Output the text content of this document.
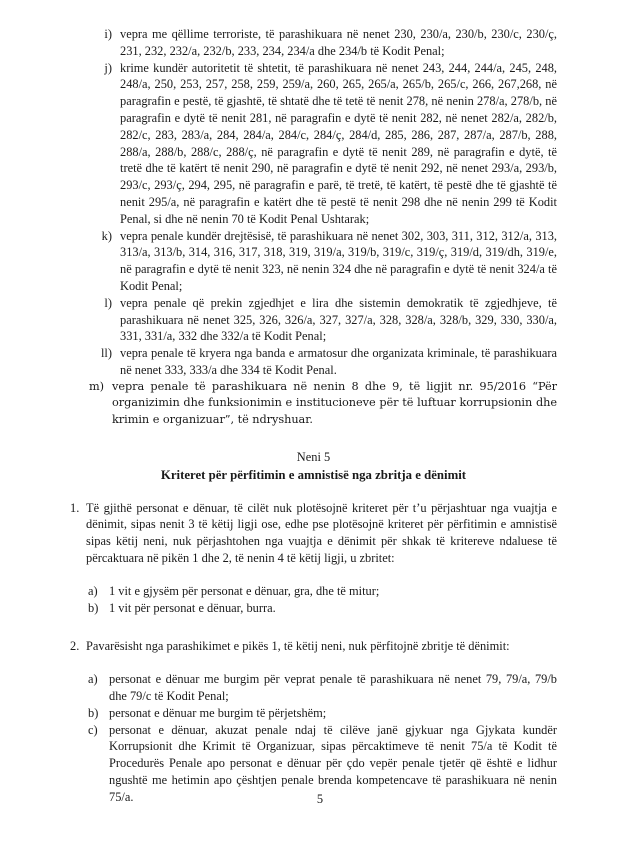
i) vepra me qëllime terroriste, të parashikuara në nenet 230, 230/a, 230/b, 230/c, 230/ç, 231, 232, 232/a, 232/b, 233, 234, 234/a dhe 234/b të Kodit Penal;
j) krime kundër autoritetit të shtetit, të parashikuara në nenet 243, 244, 244/a, 245, 248, 248/a, 250, 253, 257, 258, 259, 259/a, 260, 265, 265/a, 265/b, 265/c, 266, 267,268, në paragrafin e pestë, të gjashtë, të shtatë dhe të tetë të nenit 278, në nenin 278/a, 278/b, në paragrafin e dytë të nenit 281, në paragrafin e dytë të nenit 282, në nenet 282/a, 282/b, 282/c, 283, 283/a, 284, 284/a, 284/c, 284/ç, 284/d, 285, 286, 287, 287/a, 287/b, 288, 288/a, 288/b, 288/c, 288/ç, në paragrafin e dytë të nenit 289, në paragrafin e dytë, të tretë dhe të katërt të nenit 290, në paragrafin e dytë të nenit 292, në nenet 293/a, 293/b, 293/c, 293/ç, 294, 295, në paragrafin e parë, të tretë, të katërt, të pestë dhe të gjashtë të nenit 295/a, në paragrafin e katërt dhe të pestë të nenit 298 dhe në nenin 299 të Kodit Penal, si dhe në nenin 70 të Kodit Penal Ushtarak;
k) vepra penale kundër drejtësisë, të parashikuara në nenet 302, 303, 311, 312, 312/a, 313, 313/a, 313/b, 314, 316, 317, 318, 319, 319/a, 319/b, 319/c, 319/ç, 319/d, 319/dh, 319/e, në paragrafin e dytë të nenit 323, në nenin 324 dhe në paragrafin e dytë të nenit 324/a të Kodit Penal;
l) vepra penale që prekin zgjedhjet e lira dhe sistemin demokratik të zgjedhjeve, të parashikuara në nenet 325, 326, 326/a, 327, 327/a, 328, 328/a, 328/b, 329, 330, 330/a, 331, 331/a, 332 dhe 332/a të Kodit Penal;
ll) vepra penale të kryera nga banda e armatosur dhe organizata kriminale, të parashikuara në nenet 333, 333/a dhe 334 të Kodit Penal.
m) vepra penale të parashikuara në nenin 8 dhe 9, të ligjit nr. 95/2016 “Për organizimin dhe funksionimin e institucioneve për të luftuar korrupsionin dhe krimin e organizuar”, të ndryshuar.
Neni 5
Kriteret për përfitimin e amnistisë nga zbritja e dënimit
1. Të gjithë personat e dënuar, të cilët nuk plotësojnë kriteret për t’u përjashtuar nga vuajtja e dënimit, sipas nenit 3 të këtij ligji ose, edhe pse plotësojnë kriteret për përfitimin e amnistisë sipas këtij neni, nuk përjashtohen nga vuajtja e dënimit për shkak të kritereve ndaluese të përcaktuara në pikën 1 dhe 2, të nenin 4 të këtij ligji, u zbritet:
a) 1 vit e gjysëm për personat e dënuar, gra, dhe të mitur;
b) 1 vit për personat e dënuar, burra.
2. Pavarësisht nga parashikimet e pikës 1, të këtij neni, nuk përfitojnë zbritje të dënimit:
a) personat e dënuar me burgim për veprat penale të parashikuara në nenet 79, 79/a, 79/b dhe 79/c të Kodit Penal;
b) personat e dënuar me burgim të përjetshëm;
c) personat e dënuar, akuzat penale ndaj të cilëve janë gjykuar nga Gjykata kundër Korrupsionit dhe Krimit të Organizuar, sipas përcaktimeve të nenit 75/a të Kodit të Procedurës Penale apo personat e dënuar për çdo vepër penale tjetër që është e lidhur ngushtë me hetimin apo çështjen penale brenda kompetencave të parashikuara në nenin 75/a.	5
